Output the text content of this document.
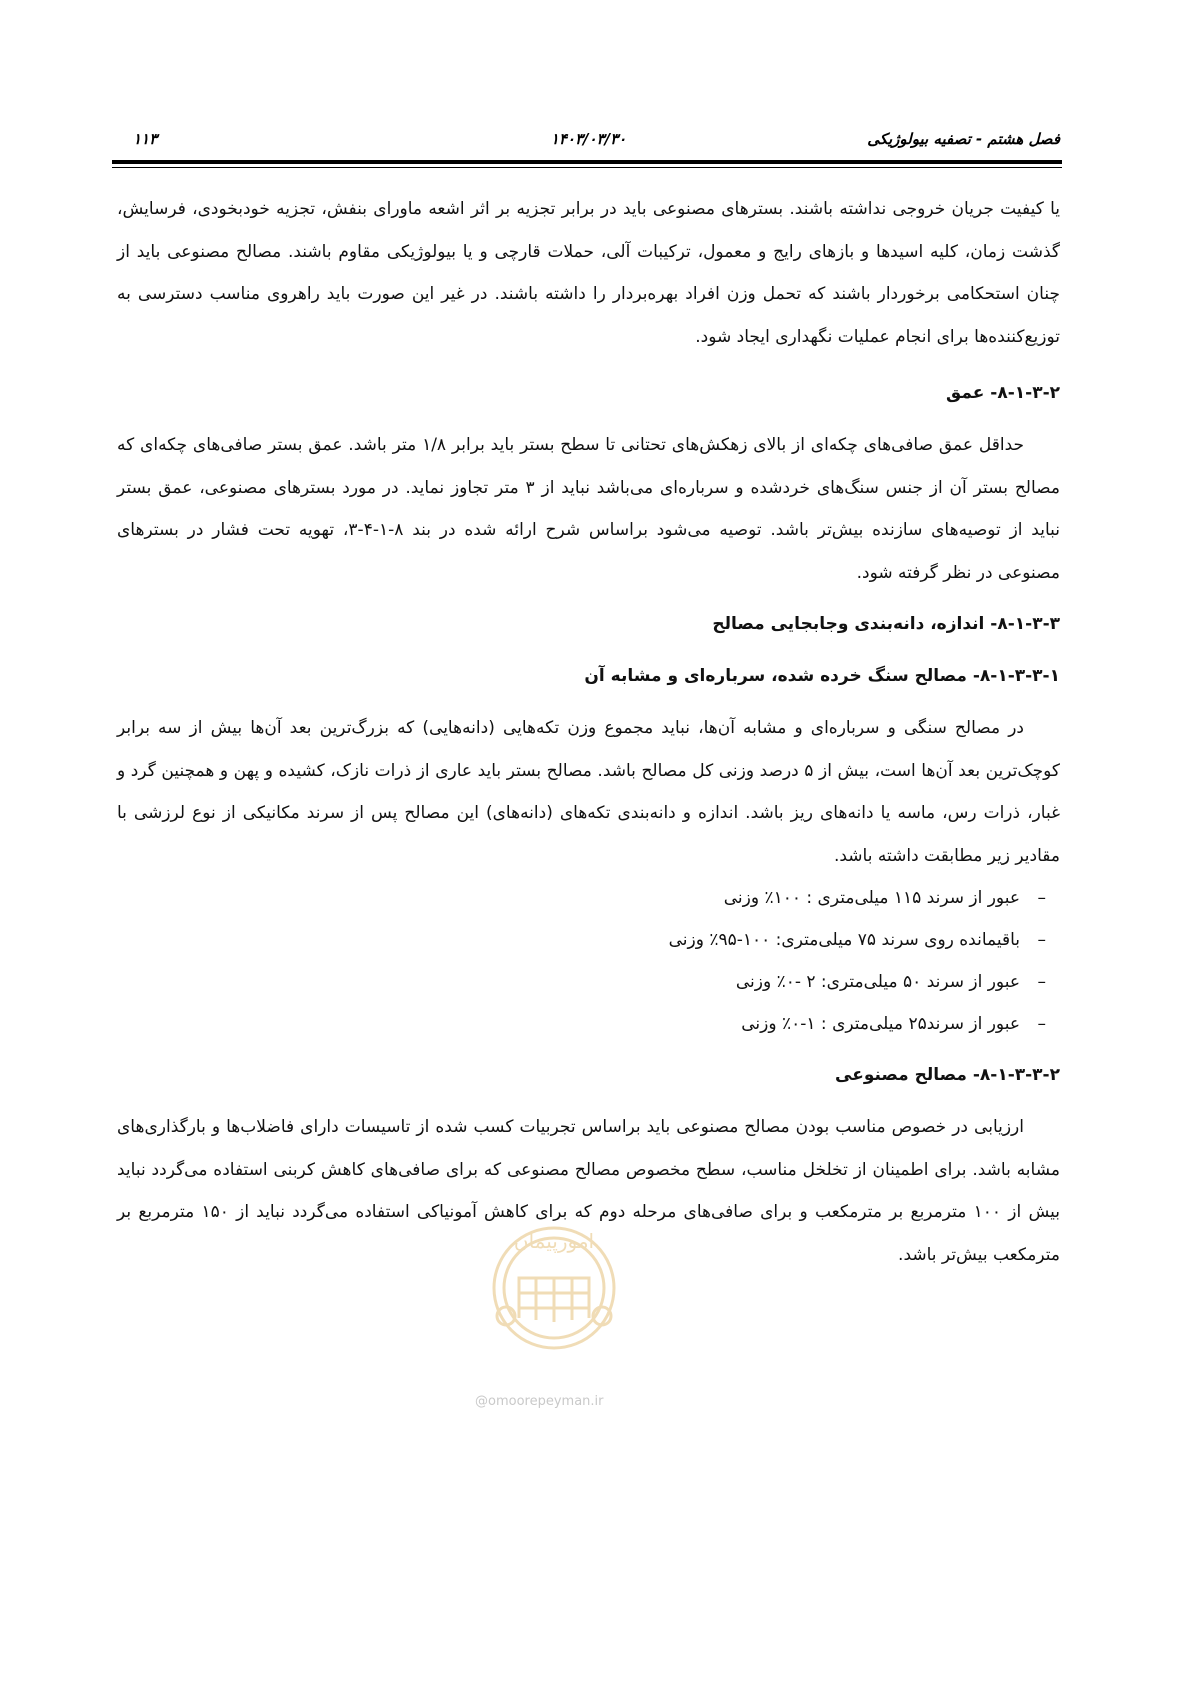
فصل هشتم - تصفیه بیولوژیکی
۱۴۰۳/۰۳/۳۰
۱۱۳

یا کیفیت جریان خروجی نداشته باشند. بسترهای مصنوعی باید در برابر تجزیه بر اثر اشعه ماورای بنفش، تجزیه خودبخودی، فرسایش، گذشت زمان، کلیه اسیدها و بازهای رایج و معمول، ترکیبات آلی، حملات قارچی و یا بیولوژیکی مقاوم باشند. مصالح مصنوعی باید از چنان استحکامی برخوردار باشند که تحمل وزن افراد بهره‌بردار را داشته باشند. در غیر این صورت باید راهروی مناسب دسترسی به توزیع‌کننده‌ها برای انجام عملیات نگهداری ایجاد شود.

۸-۱-۳-۲- عمق

حداقل عمق صافی‌های چکه‌ای از بالای زهکش‌های تحتانی تا سطح بستر باید برابر ۱/۸ متر باشد. عمق بستر صافی‌های چکه‌ای که مصالح بستر آن از جنس سنگ‌های خردشده و سرباره‌ای می‌باشد نباید از ۳ متر تجاوز نماید. در مورد بسترهای مصنوعی، عمق بستر نباید از توصیه‌های سازنده بیش‌تر باشد. توصیه می‌شود براساس شرح ارائه شده در بند ۸-۱-۴-۳، تهویه تحت فشار در بسترهای مصنوعی در نظر گرفته شود.

۸-۱-۳-۳- اندازه، دانه‌بندی وجابجایی مصالح
۸-۱-۳-۳-۱- مصالح سنگ خرده شده، سرباره‌ای و مشابه آن

در مصالح سنگی و سرباره‌ای و مشابه آن‌ها، نباید مجموع وزن تکه‌هایی (دانه‌هایی) که بزرگ‌ترین بعد آن‌ها بیش از سه برابر کوچک‌ترین بعد آن‌ها است، بیش از ۵ درصد وزنی کل مصالح باشد. مصالح بستر باید عاری از ذرات نازک، کشیده و پهن و همچنین گرد و غبار، ذرات رس، ماسه یا دانه‌های ریز باشد. اندازه و دانه‌بندی تکه‌های (دانه‌های) این مصالح پس از سرند مکانیکی از نوع لرزشی با مقادیر زیر مطابقت داشته باشد.

–عبور از سرند ۱۱۵ میلی‌متری : ۱۰۰٪ وزنی
–باقیمانده روی سرند ۷۵ میلی‌متری: ۱۰۰-۹۵٪ وزنی
–عبور از سرند ۵۰ میلی‌متری: ۲ -۰٪ وزنی
–عبور از سرند۲۵ میلی‌متری : ۱-۰٪ وزنی
۸-۱-۳-۳-۲- مصالح مصنوعی

ارزیابی در خصوص مناسب بودن مصالح مصنوعی باید براساس تجربیات کسب شده از تاسیسات دارای فاضلاب‌ها و بارگذاری‌های مشابه باشد. برای اطمینان از تخلخل مناسب، سطح مخصوص مصالح مصنوعی که برای صافی‌های کاهش کربنی استفاده می‌گردد نباید بیش از ۱۰۰ مترمربع بر مترمکعب و برای صافی‌های مرحله دوم که برای کاهش آمونیاکی استفاده می‌گردد نباید از ۱۵۰ مترمربع بر مترمکعب بیش‌تر باشد.

امورپیمان
@omoorepeyman.ir
